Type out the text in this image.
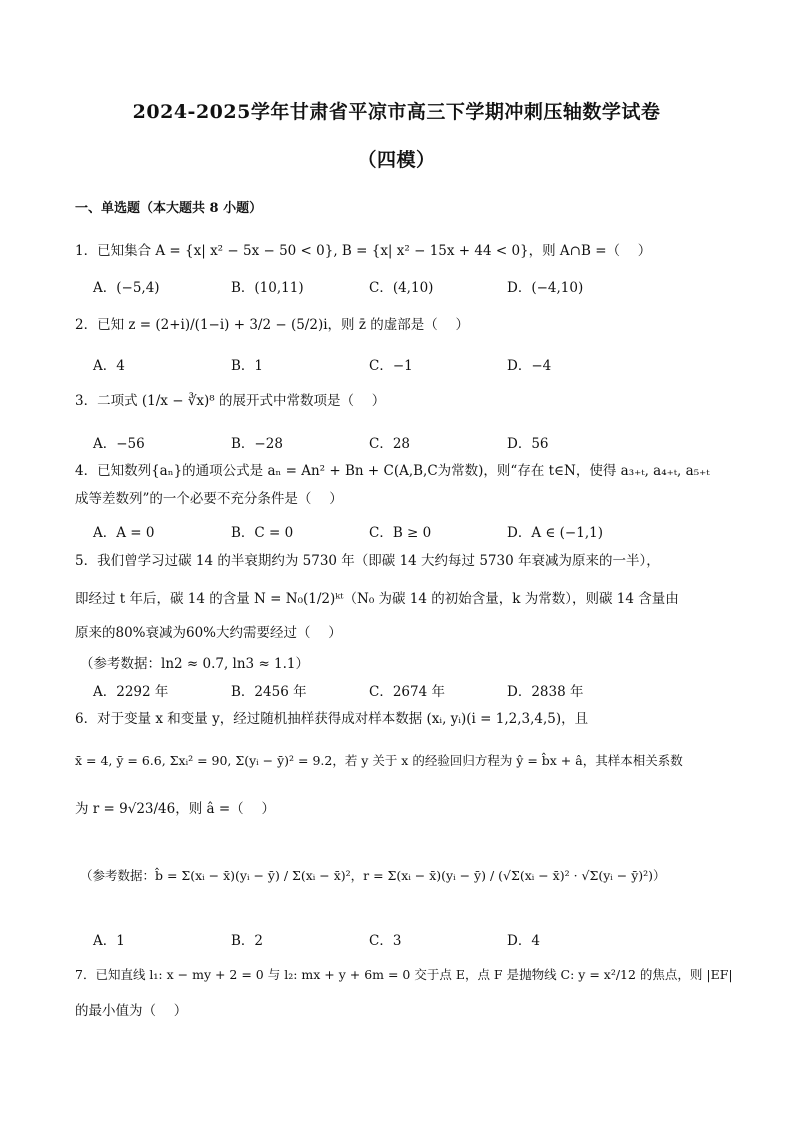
2024-2025学年甘肃省平凉市高三下学期冲刺压轴数学试卷
（四模）
一、单选题（本大题共 8 小题）
1．已知集合 A = {x| x² − 5x − 50 < 0}, B = {x| x² − 15x + 44 < 0}，则 A∩B =（　 ）
A．(−5,4)	B．(10,11)	C．(4,10)	D．(−4,10)
2．已知 z = (2+i)/(1−i) + 3/2 − (5/2)i，则 z̄ 的虚部是（　 ）
A．4	B．1	C．−1	D．−4
3．二项式 (1/x − ∛x)⁸ 的展开式中常数项是（　 ）
A．−56	B．−28	C．28	D．56
4．已知数列{aₙ}的通项公式是 aₙ = An² + Bn + C(A,B,C为常数)，则“存在 t∈N，使得 a₃₊ₜ, a₄₊ₜ, a₅₊ₜ
成等差数列”的一个必要不充分条件是（　 ）
A．A = 0	B．C = 0	C．B ≥ 0	D．A ∈ (−1,1)
5．我们曾学习过碳 14 的半衰期约为 5730 年（即碳 14 大约每过 5730 年衰减为原来的一半），
即经过 t 年后，碳 14 的含量 N = N₀(1/2)ᵏᵗ（N₀ 为碳 14 的初始含量，k 为常数），则碳 14 含量由
原来的80%衰减为60%大约需要经过（　 ）
（参考数据：ln2 ≈ 0.7, ln3 ≈ 1.1）
A．2292 年	B．2456 年	C．2674 年	D．2838 年
6．对于变量 x 和变量 y，经过随机抽样获得成对样本数据 (xᵢ, yᵢ)(i = 1,2,3,4,5)，且
x̄ = 4, ȳ = 6.6, Σxᵢ² = 90, Σ(yᵢ − ȳ)² = 9.2，若 y 关于 x 的经验回归方程为 ŷ = b̂x + â，其样本相关系数
为 r = 9√23/46，则 â =（　 ）
（参考数据：b̂ = Σ(xᵢ − x̄)(yᵢ − ȳ) / Σ(xᵢ − x̄)²，r = Σ(xᵢ − x̄)(yᵢ − ȳ) / (√Σ(xᵢ − x̄)² · √Σ(yᵢ − ȳ)²)）
A．1	B．2	C．3	D．4
7．已知直线 l₁: x − my + 2 = 0 与 l₂: mx + y + 6m = 0 交于点 E，点 F 是抛物线 C: y = x²/12 的焦点，则 |EF|
的最小值为（　 ）
